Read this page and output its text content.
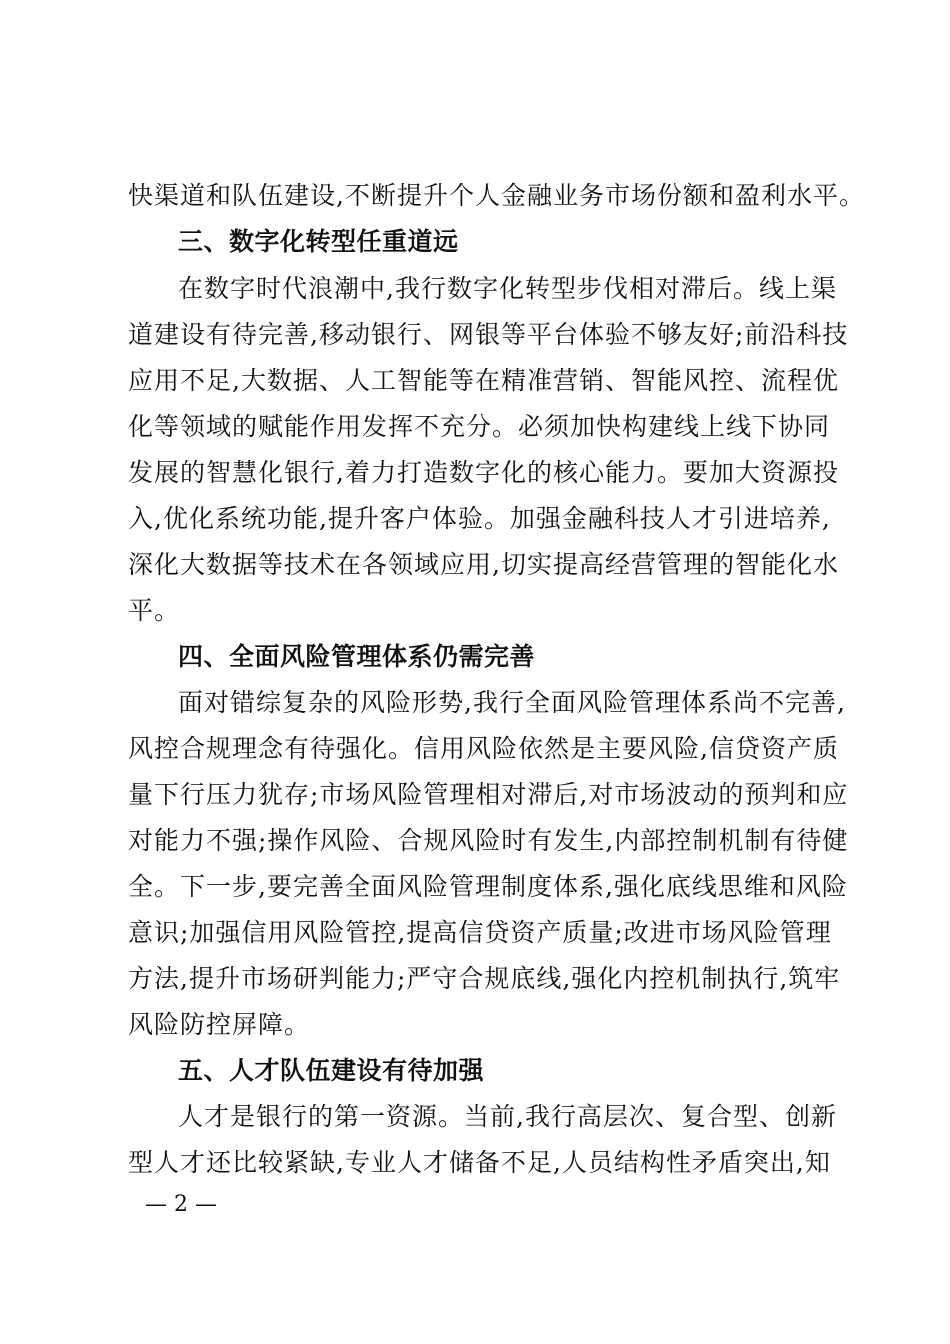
快渠道和队伍建设,不断提升个人金融业务市场份额和盈利水平。
三、数字化转型任重道远
在数字时代浪潮中,我行数字化转型步伐相对滞后。线上渠
道建设有待完善,移动银行、网银等平台体验不够友好;前沿科技
应用不足,大数据、人工智能等在精准营销、智能风控、流程优
化等领域的赋能作用发挥不充分。必须加快构建线上线下协同
发展的智慧化银行,着力打造数字化的核心能力。要加大资源投
入,优化系统功能,提升客户体验。加强金融科技人才引进培养,
深化大数据等技术在各领域应用,切实提高经营管理的智能化水
平。
四、全面风险管理体系仍需完善
面对错综复杂的风险形势,我行全面风险管理体系尚不完善,
风控合规理念有待强化。信用风险依然是主要风险,信贷资产质
量下行压力犹存;市场风险管理相对滞后,对市场波动的预判和应
对能力不强;操作风险、合规风险时有发生,内部控制机制有待健
全。下一步,要完善全面风险管理制度体系,强化底线思维和风险
意识;加强信用风险管控,提高信贷资产质量;改进市场风险管理
方法,提升市场研判能力;严守合规底线,强化内控机制执行,筑牢
风险防控屏障。
五、人才队伍建设有待加强
人才是银行的第一资源。当前,我行高层次、复合型、创新
型人才还比较紧缺,专业人才储备不足,人员结构性矛盾突出,知
— 2 —
